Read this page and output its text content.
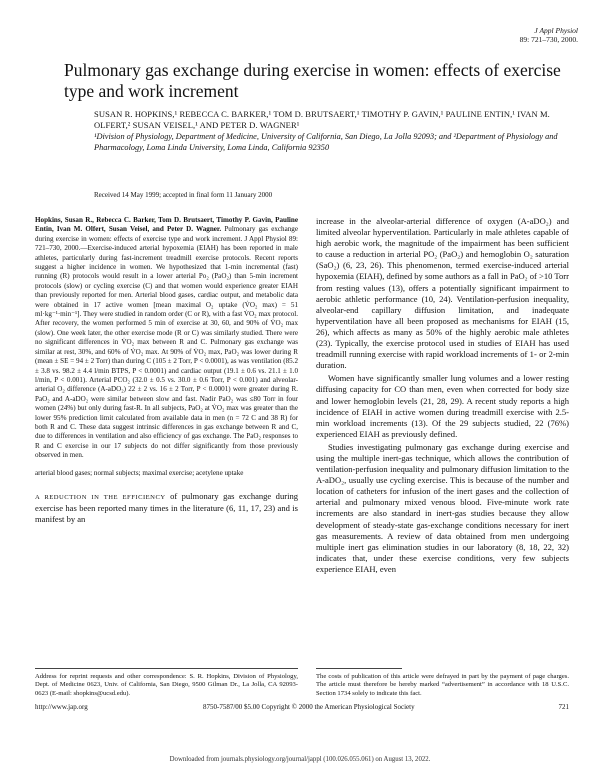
J Appl Physiol
89: 721–730, 2000.
Pulmonary gas exchange during exercise in women: effects of exercise type and work increment
SUSAN R. HOPKINS,¹ REBECCA C. BARKER,¹ TOM D. BRUTSAERT,¹ TIMOTHY P. GAVIN,¹ PAULINE ENTIN,¹ IVAN M. OLFERT,² SUSAN VEISEL,¹ AND PETER D. WAGNER¹
¹Division of Physiology, Department of Medicine, University of California, San Diego, La Jolla 92093; and ²Department of Physiology and Pharmacology, Loma Linda University, Loma Linda, California 92350
Received 14 May 1999; accepted in final form 11 January 2000

Hopkins, Susan R., Rebecca C. Barker, Tom D. Brutsaert, Timothy P. Gavin, Pauline Entin, Ivan M. Olfert, Susan Veisel, and Peter D. Wagner. Pulmonary gas exchange during exercise in women: effects of exercise type and work increment. J Appl Physiol 89: 721–730, 2000.—Exercise-induced arterial hypoxemia (EIAH) has been reported in male athletes, particularly during fast-increment treadmill exercise protocols. Recent reports suggest a higher incidence in women. We hypothesized that 1-min incremental (fast) running (R) protocols would result in a lower arterial Po₂ (PaO₂) than 5-min increment protocols (slow) or cycling exercise (C) and that women would experience greater EIAH than previously reported for men. Arterial blood gases, cardiac output, and metabolic data were obtained in 17 active women [mean maximal O₂ uptake (V̇O₂ max) = 51 ml·kg⁻¹·min⁻¹]. They were studied in random order (C or R), with a fast V̇O₂ max protocol. After recovery, the women performed 5 min of exercise at 30, 60, and 90% of V̇O₂ max (slow). One week later, the other exercise mode (R or C) was similarly studied. There were no significant differences in V̇O₂ max between R and C. Pulmonary gas exchange was similar at rest, 30%, and 60% of V̇O₂ max. At 90% of V̇O₂ max, PaO₂ was lower during R (mean ± SE = 94 ± 2 Torr) than during C (105 ± 2 Torr, P < 0.0001), as was ventilation (85.2 ± 3.8 vs. 98.2 ± 4.4 l/min BTPS, P < 0.0001) and cardiac output (19.1 ± 0.6 vs. 21.1 ± 1.0 l/min, P < 0.001). Arterial PCO₂ (32.0 ± 0.5 vs. 30.0 ± 0.6 Torr, P < 0.001) and alveolar-arterial O₂ difference (A-aDO₂) 22 ± 2 vs. 16 ± 2 Torr, P < 0.0001) were greater during R. PaO₂ and A-aDO₂ were similar between slow and fast. Nadir PaO₂ was ≤80 Torr in four women (24%) but only during fast-R. In all subjects, PaO₂ at V̇O₂ max was greater than the lower 95% prediction limit calculated from available data in men (n = 72 C and 38 R) for both R and C. These data suggest intrinsic differences in gas exchange between R and C, due to differences in ventilation and also efficiency of gas exchange. The PaO₂ responses to R and C exercise in our 17 subjects do not differ significantly from those previously observed in men.

arterial blood gases; normal subjects; maximal exercise; acetylene uptake

A REDUCTION IN THE EFFICIENCY of pulmonary gas exchange during exercise has been reported many times in the literature (6, 11, 17, 23) and is manifest by an

increase in the alveolar-arterial difference of oxygen (A-aDO₂) and limited alveolar hyperventilation. Particularly in male athletes capable of high aerobic work, the magnitude of the impairment has been sufficient to cause a reduction in arterial PO₂ (PaO₂) and hemoglobin O₂ saturation (SaO₂) (6, 23, 26). This phenomenon, termed exercise-induced arterial hypoxemia (EIAH), defined by some authors as a fall in PaO₂ of >10 Torr from resting values (13), offers a potentially significant impairment to aerobic athletic performance (10, 24). Ventilation-perfusion inequality, alveolar-end capillary diffusion limitation, and inadequate hyperventilation have all been proposed as mechanisms for EIAH (15, 26), which affects as many as 50% of the highly aerobic male athletes (23). Typically, the exercise protocol used in studies of EIAH has used treadmill running exercise with rapid workload increments of 1- or 2-min duration.

Women have significantly smaller lung volumes and a lower resting diffusing capacity for CO than men, even when corrected for body size and lower hemoglobin levels (21, 28, 29). A recent study reports a high incidence of EIAH in active women during treadmill exercise with 2.5-min workload increments (13). Of the 29 subjects studied, 22 (76%) experienced EIAH as previously defined.

Studies investigating pulmonary gas exchange during exercise and using the multiple inert-gas technique, which allows the contribution of ventilation-perfusion inequality and pulmonary diffusion limitation to the A-aDO₂, usually use cycling exercise. This is because of the number and location of catheters for infusion of the inert gases and the collection of arterial and pulmonary mixed venous blood. Five-minute work rate increments are also standard in inert-gas studies because they allow development of steady-state gas-exchange conditions necessary for inert gas measurements. A review of data obtained from men undergoing multiple inert gas elimination studies in our laboratory (8, 18, 22, 32) indicates that, under these exercise conditions, very few subjects experience EIAH, even

Address for reprint requests and other correspondence: S. R. Hopkins, Division of Physiology, Dept. of Medicine 0623, Univ. of California, San Diego, 9500 Gilman Dr., La Jolla, CA 92093-0623 (E-mail: shopkins@ucsd.edu).
The costs of publication of this article were defrayed in part by the payment of page charges. The article must therefore be hereby marked “advertisement” in accordance with 18 U.S.C. Section 1734 solely to indicate this fact.
http://www.jap.org	8750-7587/00 $5.00 Copyright © 2000 the American Physiological Society	721
Downloaded from journals.physiology.org/journal/jappl (100.026.055.061) on August 13, 2022.
